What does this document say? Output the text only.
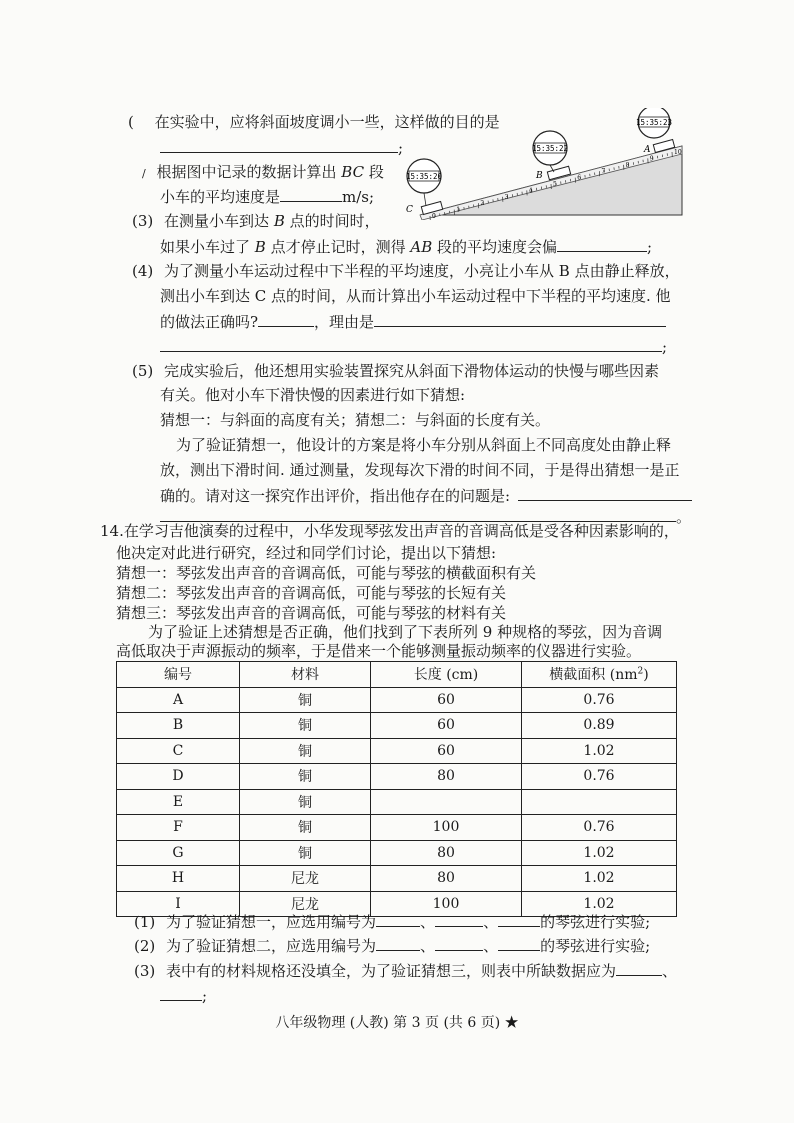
( 在实验中，应将斜面坡度调小一些，这样做的目的是
;
/ 根据图中记录的数据计算出 BC 段
小车的平均速度是	m/s;
(3) 在测量小车到达 B 点的时间时，
如果小车过了 B 点才停止记时，测得 AB 段的平均速度会偏	;
(4) 为了测量小车运动过程中下半程的平均速度，小亮让小车从 B 点由静止释放，
测出小车到达 C 点的时间，从而计算出小车运动过程中下半程的平均速度. 他
的做法正确吗?	，理由是
;
(5) 完成实验后，他还想用实验装置探究从斜面下滑物体运动的快慢与哪些因素
有关。他对小车下滑快慢的因素进行如下猜想:
猜想一：与斜面的高度有关；猜想二：与斜面的长度有关。
为了验证猜想一，他设计的方案是将小车分别从斜面上不同高度处由静止释
放，测出下滑时间. 通过测量，发现每次下滑的时间不同，于是得出猜想一是正
确的。请对这一探究作出评价，指出他存在的问题是:
。
0
1
2
3
4
5
6
7
8
9
10
15:35:20
15:35:22
15:35:23
C
B
A
14.在学习吉他演奏的过程中，小华发现琴弦发出声音的音调高低是受各种因素影响的，
他决定对此进行研究，经过和同学们讨论，提出以下猜想:
猜想一：琴弦发出声音的音调高低，可能与琴弦的横截面积有关
猜想二：琴弦发出声音的音调高低，可能与琴弦的长短有关
猜想三：琴弦发出声音的音调高低，可能与琴弦的材料有关
为了验证上述猜想是否正确，他们找到了下表所列 9 种规格的琴弦，因为音调
高低取决于声源振动的频率，于是借来一个能够测量振动频率的仪器进行实验。
编号	材料	长度 (cm)	横截面积 $(nm^2)$
A	铜	60	0.76
B	铜	60	0.89
C	铜	60	1.02
D	铜	80	0.76
E	铜		
F	铜	100	0.76
G	铜	80	1.02
H	尼龙	80	1.02
I	尼龙	100	1.02
(1) 为了验证猜想一，应选用编号为	、	、	的琴弦进行实验;
(2) 为了验证猜想二，应选用编号为	、	、	的琴弦进行实验;
(3) 表中有的材料规格还没填全，为了验证猜想三，则表中所缺数据应为	、
;
八年级物理 (人教) 第 3 页 (共 6 页) ★
